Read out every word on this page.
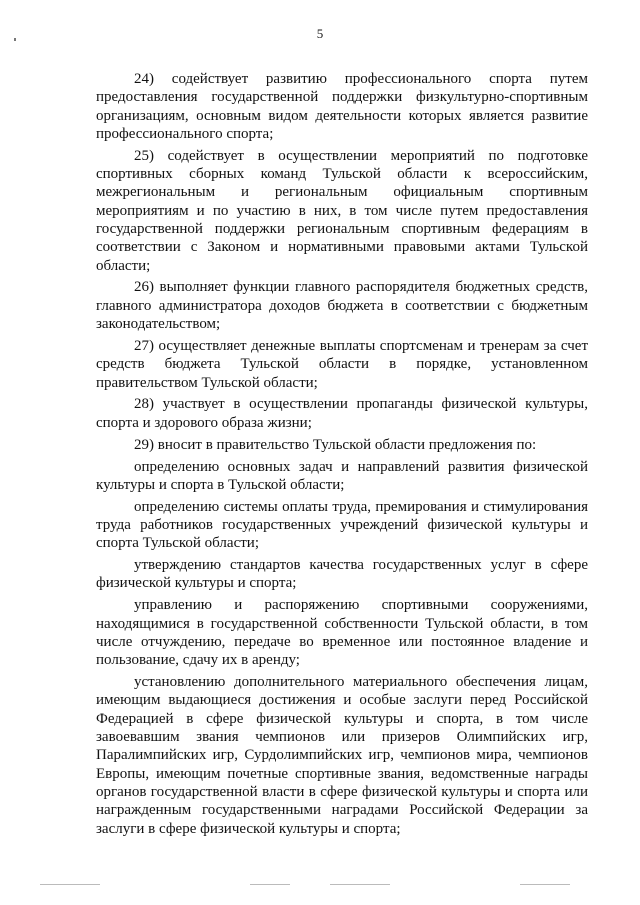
5

24) содействует развитию профессионального спорта путем предоставления государственной поддержки физкультурно-спортивным организациям, основным видом деятельности которых является развитие профессионального спорта;

25) содействует в осуществлении мероприятий по подготовке спортивных сборных команд Тульской области к всероссийским, межрегиональным и региональным официальным спортивным мероприятиям и по участию в них, в том числе путем предоставления государственной поддержки региональным спортивным федерациям в соответствии с Законом и нормативными правовыми актами Тульской области;

26) выполняет функции главного распорядителя бюджетных средств, главного администратора доходов бюджета в соответствии с бюджетным законодательством;

27) осуществляет денежные выплаты спортсменам и тренерам за счет средств бюджета Тульской области в порядке, установленном правительством Тульской области;

28) участвует в осуществлении пропаганды физической культуры, спорта и здорового образа жизни;

29) вносит в правительство Тульской области предложения по:

определению основных задач и направлений развития физической культуры и спорта в Тульской области;

определению системы оплаты труда, премирования и стимулирования труда работников государственных учреждений физической культуры и спорта Тульской области;

утверждению стандартов качества государственных услуг в сфере физической культуры и спорта;

управлению и распоряжению спортивными сооружениями, находящимися в государственной собственности Тульской области, в том числе отчуждению, передаче во временное или постоянное владение и пользование, сдачу их в аренду;

установлению дополнительного материального обеспечения лицам, имеющим выдающиеся достижения и особые заслуги перед Российской Федерацией в сфере физической культуры и спорта, в том числе завоевавшим звания чемпионов или призеров Олимпийских игр, Паралимпийских игр, Сурдолимпийских игр, чемпионов мира, чемпионов Европы, имеющим почетные спортивные звания, ведомственные награды органов государственной власти в сфере физической культуры и спорта или награжденным государственными наградами Российской Федерации за заслуги в сфере физической культуры и спорта;
